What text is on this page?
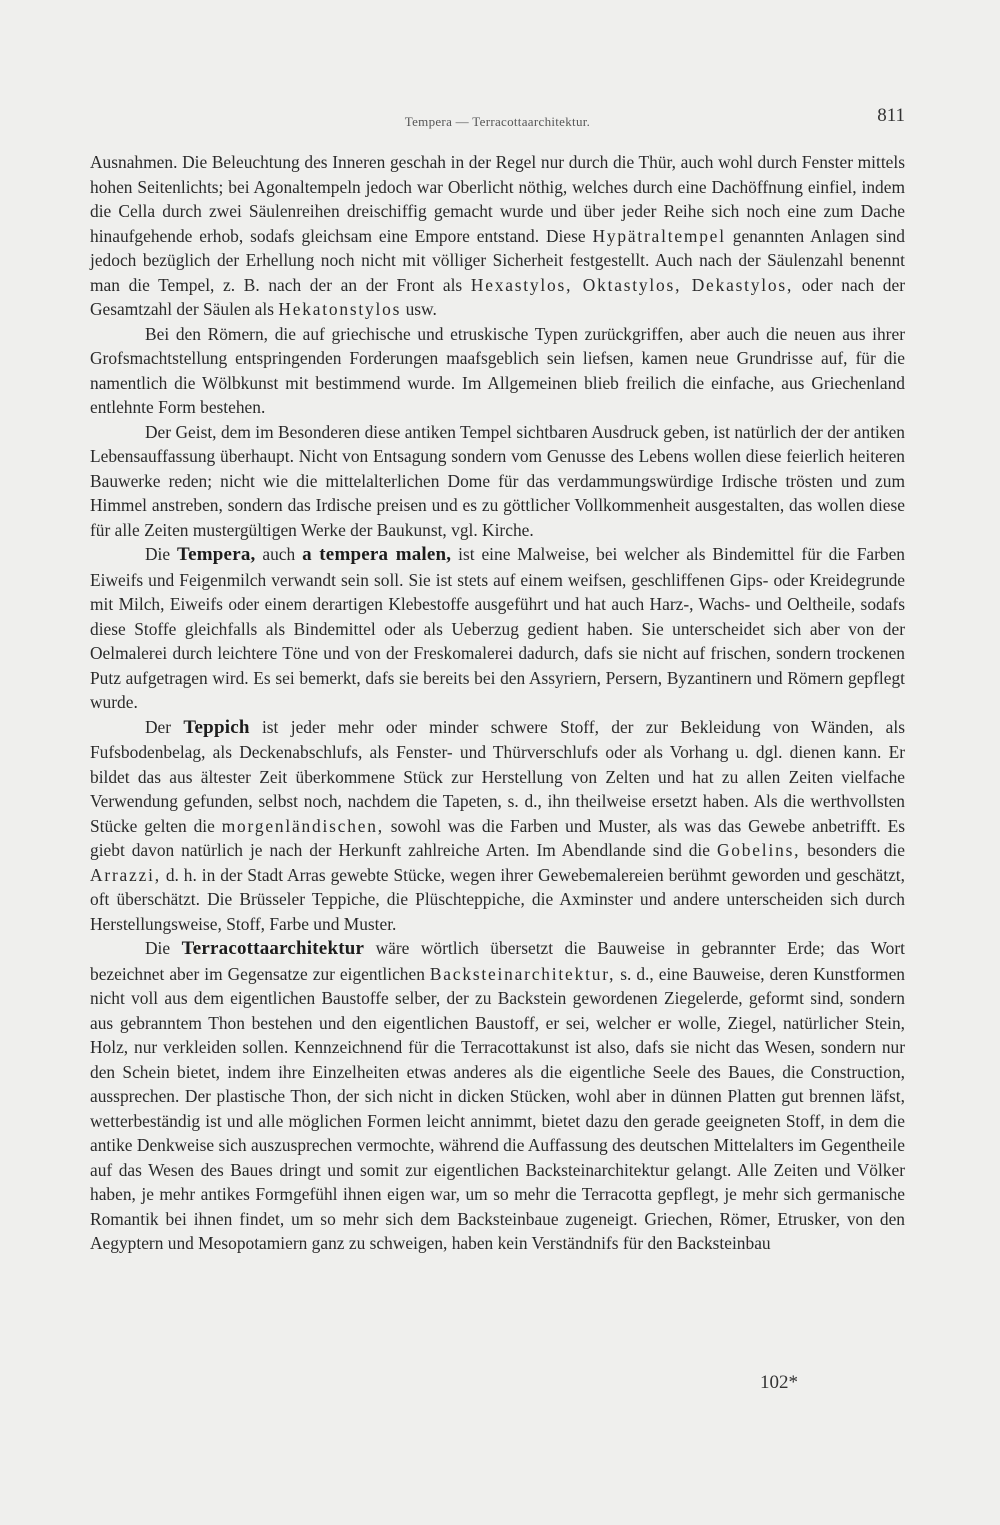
Tempera — Terracottaarchitektur.	811

Ausnahmen. Die Beleuchtung des Inneren geschah in der Regel nur durch die Thür, auch wohl durch Fenster mittels hohen Seitenlichts; bei Agonaltempeln jedoch war Oberlicht nöthig, welches durch eine Dachöffnung einfiel, indem die Cella durch zwei Säulenreihen dreischiffig gemacht wurde und über jeder Reihe sich noch eine zum Dache hinaufgehende erhob, sodafs gleichsam eine Empore entstand. Diese Hypätraltempel genannten Anlagen sind jedoch bezüglich der Erhellung noch nicht mit völliger Sicherheit festgestellt. Auch nach der Säulenzahl benennt man die Tempel, z. B. nach der an der Front als Hexastylos, Oktastylos, Dekastylos, oder nach der Gesamtzahl der Säulen als Hekatonstylos usw.

Bei den Römern, die auf griechische und etruskische Typen zurückgriffen, aber auch die neuen aus ihrer Grofsmachtstellung entspringenden Forderungen maafsgeblich sein liefsen, kamen neue Grundrisse auf, für die namentlich die Wölbkunst mit bestimmend wurde. Im Allgemeinen blieb freilich die einfache, aus Griechenland entlehnte Form bestehen.

Der Geist, dem im Besonderen diese antiken Tempel sichtbaren Ausdruck geben, ist natürlich der der antiken Lebensauffassung überhaupt. Nicht von Entsagung sondern vom Genusse des Lebens wollen diese feierlich heiteren Bauwerke reden; nicht wie die mittelalterlichen Dome für das verdammungswürdige Irdische trösten und zum Himmel anstreben, sondern das Irdische preisen und es zu göttlicher Vollkommenheit ausgestalten, das wollen diese für alle Zeiten mustergültigen Werke der Baukunst, vgl. Kirche.

Die Tempera, auch a tempera malen, ist eine Malweise, bei welcher als Bindemittel für die Farben Eiweifs und Feigenmilch verwandt sein soll. Sie ist stets auf einem weifsen, geschliffenen Gips- oder Kreidegrunde mit Milch, Eiweifs oder einem derartigen Klebestoffe ausgeführt und hat auch Harz-, Wachs- und Oeltheile, sodafs diese Stoffe gleichfalls als Bindemittel oder als Ueberzug gedient haben. Sie unterscheidet sich aber von der Oelmalerei durch leichtere Töne und von der Freskomalerei dadurch, dafs sie nicht auf frischen, sondern trockenen Putz aufgetragen wird. Es sei bemerkt, dafs sie bereits bei den Assyriern, Persern, Byzantinern und Römern gepflegt wurde.

Der Teppich ist jeder mehr oder minder schwere Stoff, der zur Bekleidung von Wänden, als Fufsbodenbelag, als Deckenabschlufs, als Fenster- und Thürverschlufs oder als Vorhang u. dgl. dienen kann. Er bildet das aus ältester Zeit überkommene Stück zur Herstellung von Zelten und hat zu allen Zeiten vielfache Verwendung gefunden, selbst noch, nachdem die Tapeten, s. d., ihn theilweise ersetzt haben. Als die werthvollsten Stücke gelten die morgenländischen, sowohl was die Farben und Muster, als was das Gewebe anbetrifft. Es giebt davon natürlich je nach der Herkunft zahlreiche Arten. Im Abendlande sind die Gobelins, besonders die Arrazzi, d. h. in der Stadt Arras gewebte Stücke, wegen ihrer Gewebemalereien berühmt geworden und geschätzt, oft überschätzt. Die Brüsseler Teppiche, die Plüschteppiche, die Axminster und andere unterscheiden sich durch Herstellungsweise, Stoff, Farbe und Muster.

Die Terracottaarchitektur wäre wörtlich übersetzt die Bauweise in gebrannter Erde; das Wort bezeichnet aber im Gegensatze zur eigentlichen Backsteinarchitektur, s. d., eine Bauweise, deren Kunstformen nicht voll aus dem eigentlichen Baustoffe selber, der zu Backstein gewordenen Ziegelerde, geformt sind, sondern aus gebranntem Thon bestehen und den eigentlichen Baustoff, er sei, welcher er wolle, Ziegel, natürlicher Stein, Holz, nur verkleiden sollen. Kennzeichnend für die Terracottakunst ist also, dafs sie nicht das Wesen, sondern nur den Schein bietet, indem ihre Einzelheiten etwas anderes als die eigentliche Seele des Baues, die Construction, aussprechen. Der plastische Thon, der sich nicht in dicken Stücken, wohl aber in dünnen Platten gut brennen läfst, wetterbeständig ist und alle möglichen Formen leicht annimmt, bietet dazu den gerade geeigneten Stoff, in dem die antike Denkweise sich auszusprechen vermochte, während die Auffassung des deutschen Mittelalters im Gegentheile auf das Wesen des Baues dringt und somit zur eigentlichen Backsteinarchitektur gelangt. Alle Zeiten und Völker haben, je mehr antikes Formgefühl ihnen eigen war, um so mehr die Terracotta gepflegt, je mehr sich germanische Romantik bei ihnen findet, um so mehr sich dem Backsteinbaue zugeneigt. Griechen, Römer, Etrusker, von den Aegyptern und Mesopotamiern ganz zu schweigen, haben kein Verständnifs für den Backsteinbau

102*
